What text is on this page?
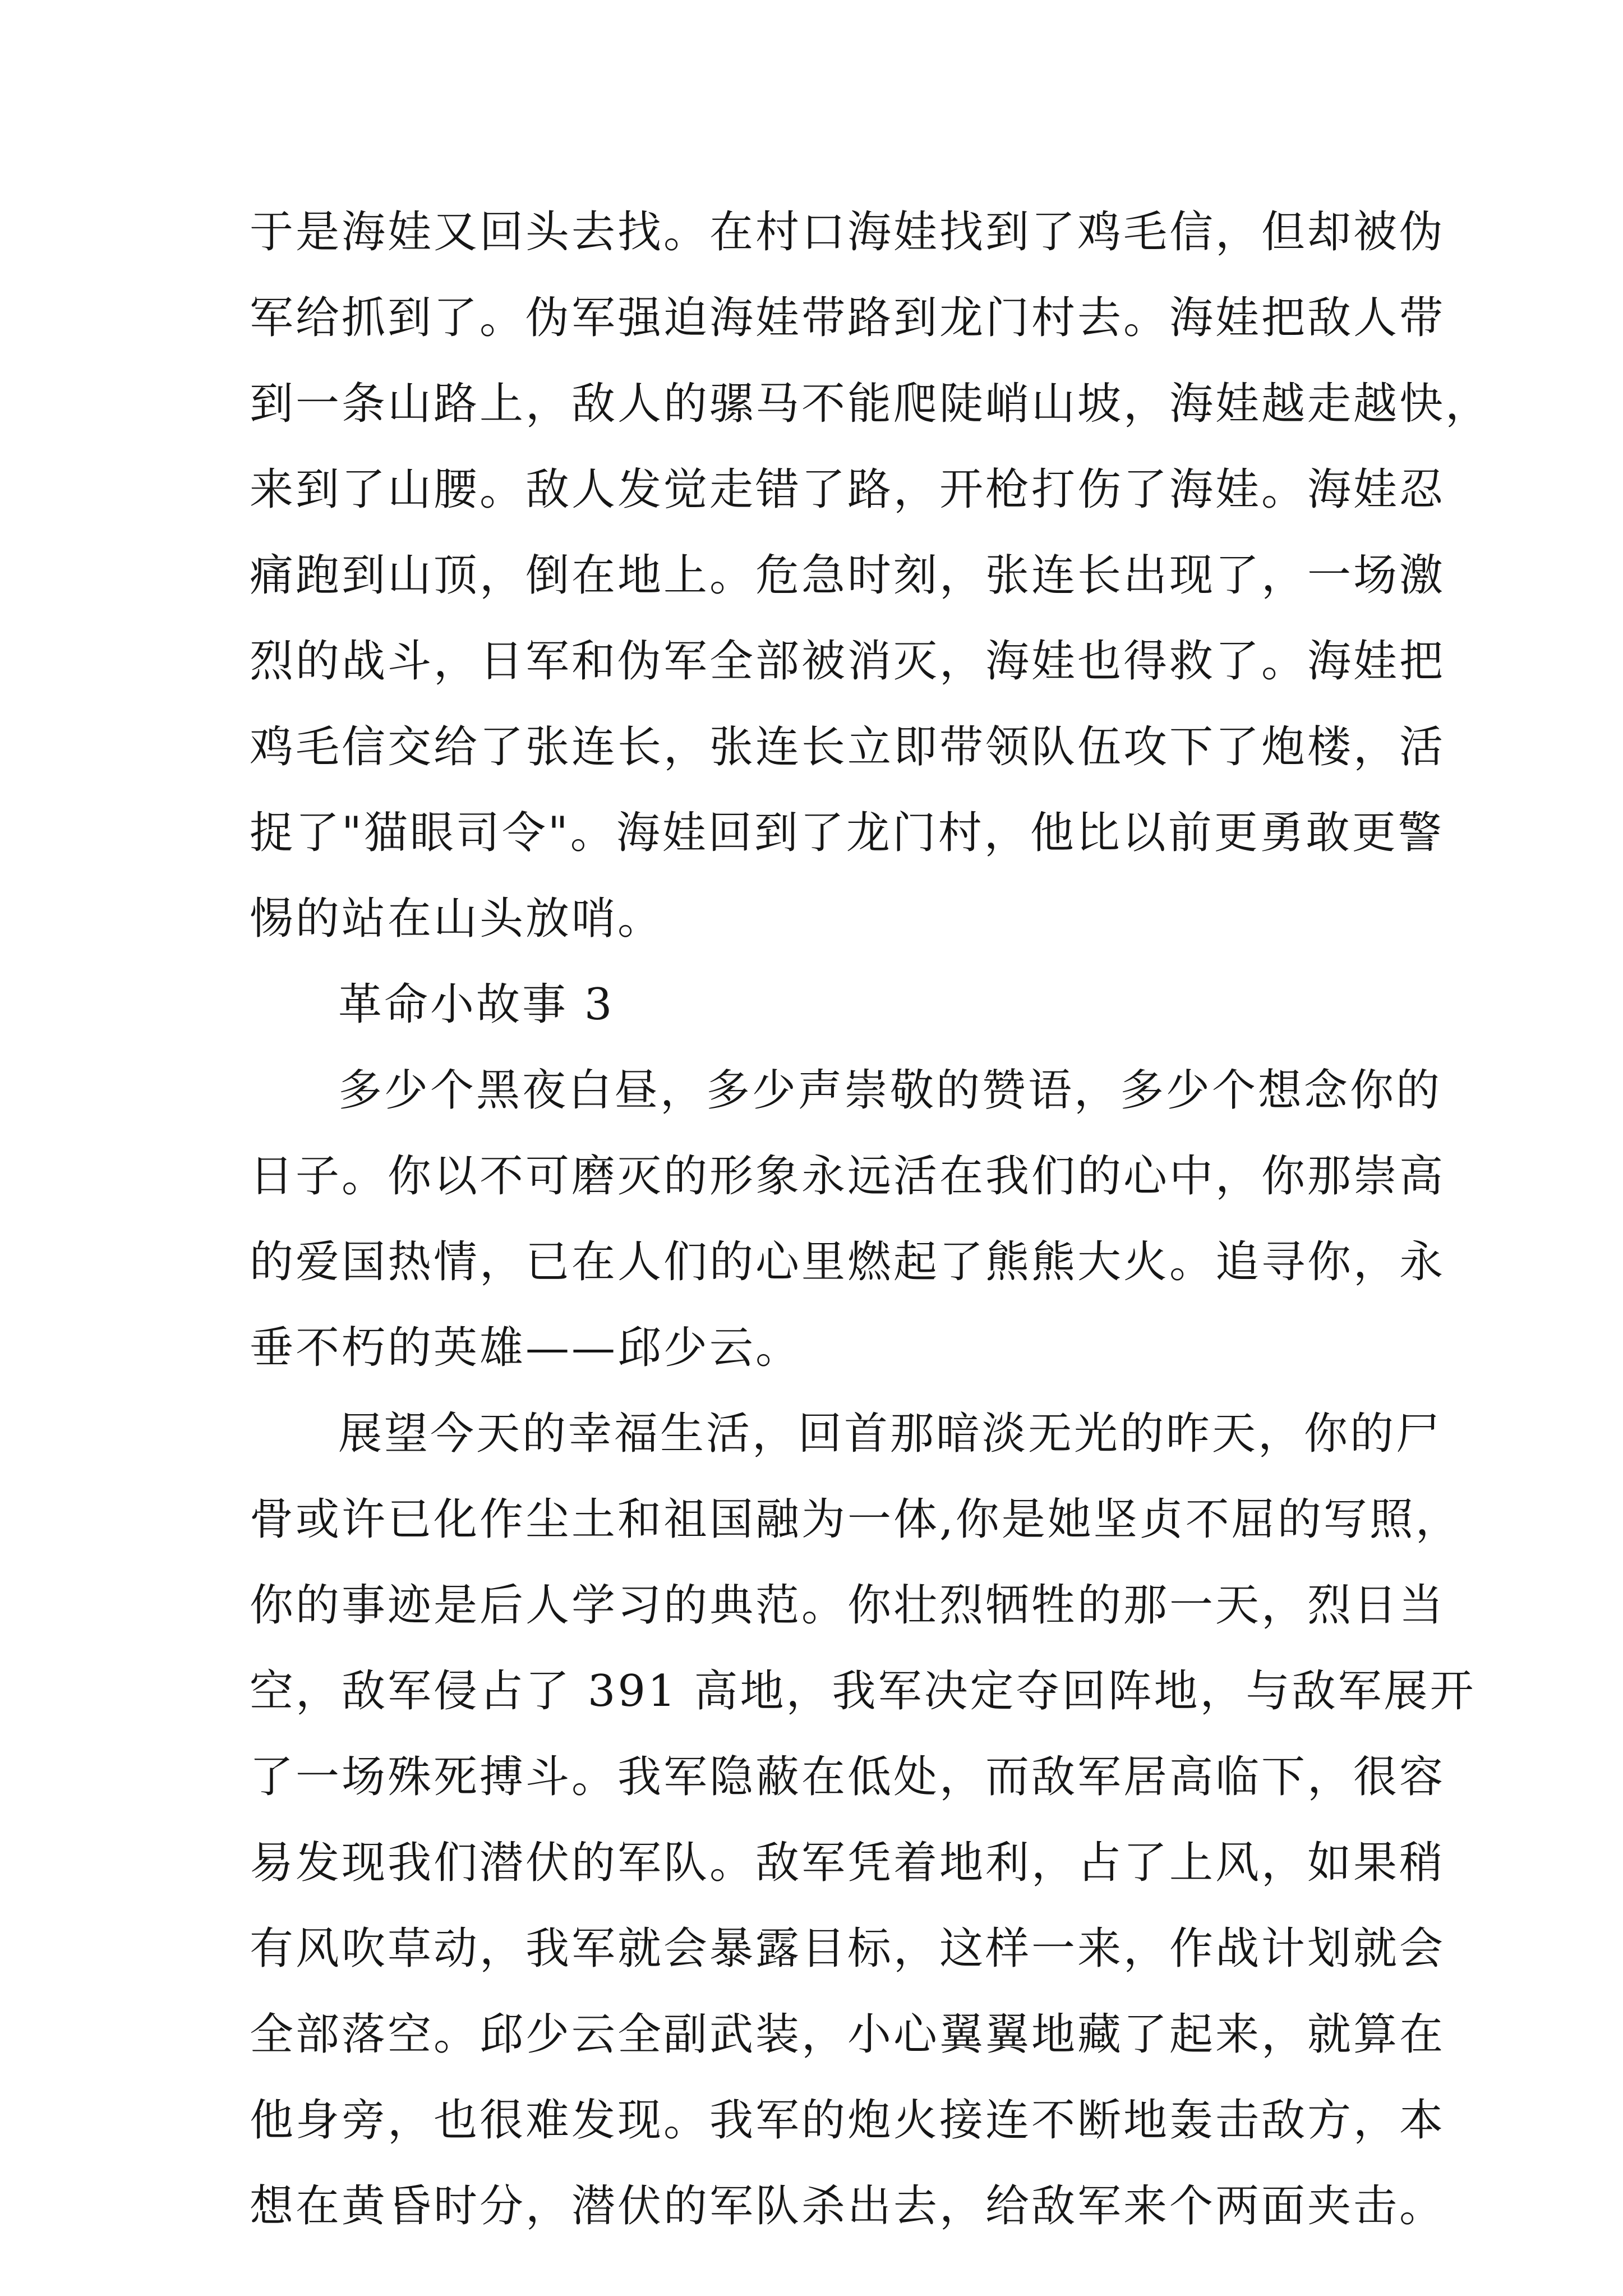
于是海娃又回头去找。在村口海娃找到了鸡毛信，但却被伪

军给抓到了。伪军强迫海娃带路到龙门村去。海娃把敌人带

到一条山路上，敌人的骡马不能爬陡峭山坡，海娃越走越快，

来到了山腰。敌人发觉走错了路，开枪打伤了海娃。海娃忍

痛跑到山顶，倒在地上。危急时刻，张连长出现了，一场激

烈的战斗，日军和伪军全部被消灭，海娃也得救了。海娃把

鸡毛信交给了张连长，张连长立即带领队伍攻下了炮楼，活

捉了"猫眼司令"。海娃回到了龙门村，他比以前更勇敢更警

惕的站在山头放哨。

革命小故事 3

多少个黑夜白昼，多少声崇敬的赞语，多少个想念你的

日子。你以不可磨灭的形象永远活在我们的心中，你那崇高

的爱国热情，已在人们的心里燃起了熊熊大火。追寻你，永

垂不朽的英雄——邱少云。

展望今天的幸福生活，回首那暗淡无光的昨天，你的尸

骨或许已化作尘土和祖国融为一体,你是她坚贞不屈的写照，

你的事迹是后人学习的典范。你壮烈牺牲的那一天，烈日当

空，敌军侵占了 391 高地，我军决定夺回阵地，与敌军展开

了一场殊死搏斗。我军隐蔽在低处，而敌军居高临下，很容

易发现我们潜伏的军队。敌军凭着地利，占了上风，如果稍

有风吹草动，我军就会暴露目标，这样一来，作战计划就会

全部落空。邱少云全副武装，小心翼翼地藏了起来，就算在

他身旁，也很难发现。我军的炮火接连不断地轰击敌方，本

想在黄昏时分，潜伏的军队杀出去，给敌军来个两面夹击。
